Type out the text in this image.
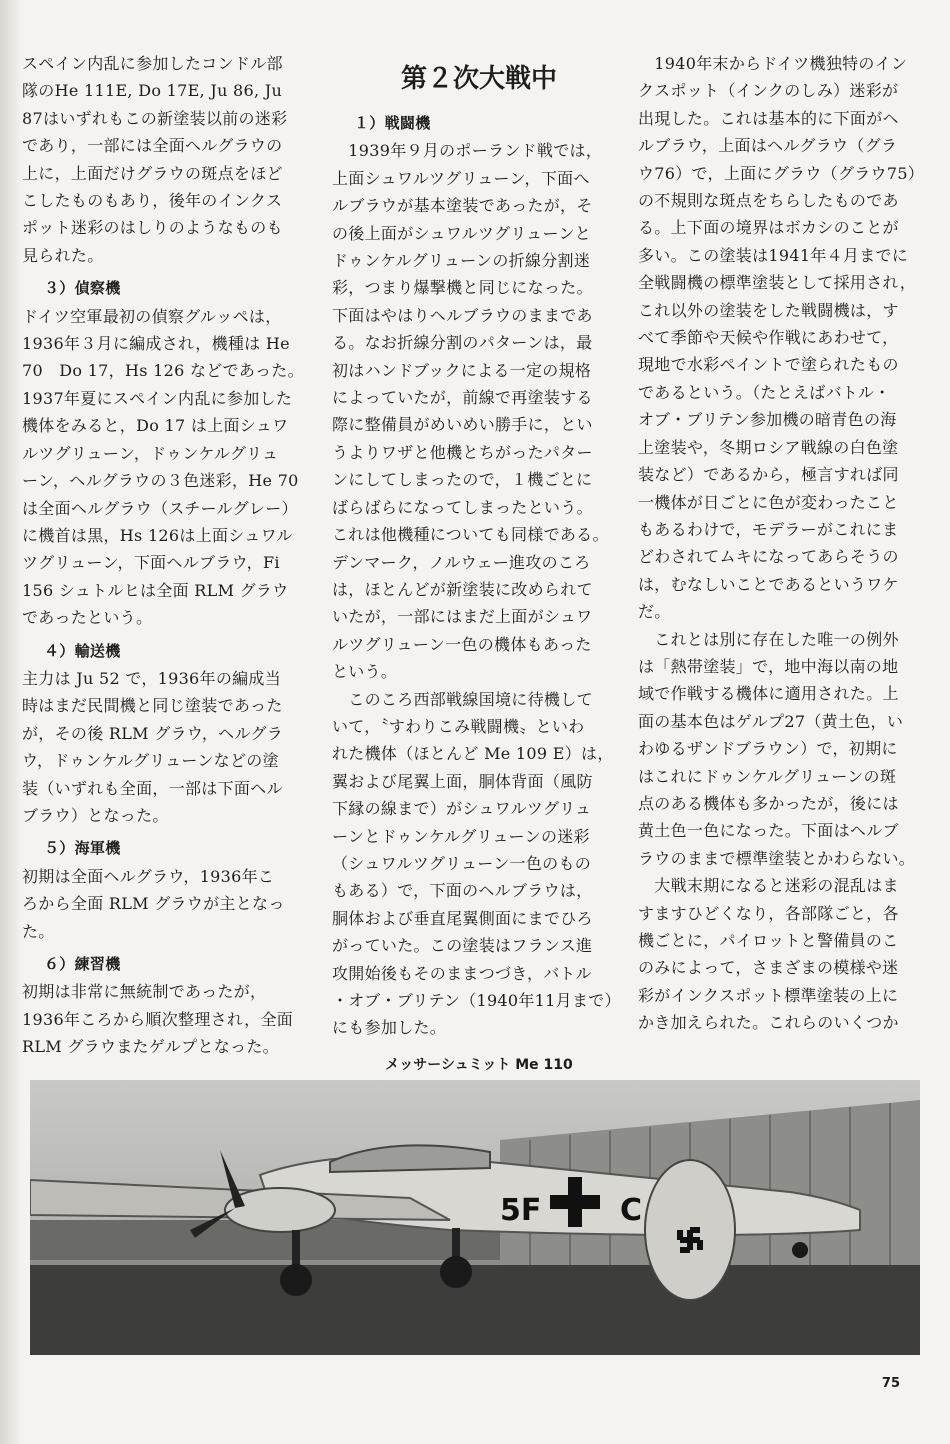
スペイン内乱に参加したコンドル部

隊のHe 111E, Do 17E, Ju 86, Ju

87はいずれもこの新塗装以前の迷彩

であり，一部には全面ヘルグラウの

上に，上面だけグラウの斑点をほど

こしたものもあり，後年のインクス

ポット迷彩のはしりのようなものも

見られた。

３）偵察機

ドイツ空軍最初の偵察グルッペは，

1936年３月に編成され，機種は He

70　Do 17，Hs 126 などであった。

1937年夏にスペイン内乱に参加した

機体をみると，Do 17 は上面シュワ

ルツグリューン，ドゥンケルグリュ

ーン，ヘルグラウの３色迷彩，He 70

は全面ヘルグラウ（スチールグレー）

に機首は黒，Hs 126は上面シュワル

ツグリューン，下面ヘルブラウ，Fi

156 シュトルヒは全面 RLM グラウ

であったという。

４）輸送機

主力は Ju 52 で，1936年の編成当

時はまだ民間機と同じ塗装であった

が，その後 RLM グラウ，ヘルグラ

ウ，ドゥンケルグリューンなどの塗

装（いずれも全面，一部は下面ヘル

ブラウ）となった。

５）海軍機

初期は全面ヘルグラウ，1936年こ

ろから全面 RLM グラウが主となっ

た。

６）練習機

初期は非常に無統制であったが，

1936年ころから順次整理され，全面

RLM グラウまたゲルプとなった。

第２次大戦中

１）戦闘機

　1939年９月のポーランド戦では，

上面シュワルツグリューン，下面へ

ルブラウが基本塗装であったが，そ

の後上面がシュワルツグリューンと

ドゥンケルグリューンの折線分割迷

彩，つまり爆撃機と同じになった。

下面はやはりヘルブラウのままであ

る。なお折線分割のパターンは，最

初はハンドブックによる一定の規格

によっていたが，前線で再塗装する

際に整備員がめいめい勝手に，とい

うよりワザと他機とちがったパター

ンにしてしまったので，１機ごとに

ばらばらになってしまったという。

これは他機種についても同様である。

デンマーク，ノルウェー進攻のころ

は，ほとんどが新塗装に改められて

いたが，一部にはまだ上面がシュワ

ルツグリューン一色の機体もあった

という。

　このころ西部戦線国境に待機して

いて，〝すわりこみ戦闘機〟といわ

れた機体（ほとんど Me 109 E）は，

翼および尾翼上面，胴体背面（風防

下縁の線まで）がシュワルツグリュ

ーンとドゥンケルグリューンの迷彩

（シュワルツグリューン一色のもの

もある）で，下面のヘルブラウは，

胴体および垂直尾翼側面にまでひろ

がっていた。この塗装はフランス進

攻開始後もそのままつづき，バトル

・オブ・ブリテン（1940年11月まで）

にも参加した。

　1940年末からドイツ機独特のイン

クスポット（インクのしみ）迷彩が

出現した。これは基本的に下面がヘ

ルブラウ，上面はヘルグラウ（グラ

ウ76）で，上面にグラウ（グラウ75）

の不規則な斑点をちらしたものであ

る。上下面の境界はボカシのことが

多い。この塗装は1941年４月までに

全戦闘機の標準塗装として採用され，

これ以外の塗装をした戦闘機は，す

べて季節や天候や作戦にあわせて，

現地で水彩ペイントで塗られたもの

であるという。（たとえばバトル・

オブ・ブリテン参加機の暗青色の海

上塗装や，冬期ロシア戦線の白色塗

装など）であるから，極言すれば同

一機体が日ごとに色が変わったこと

もあるわけで，モデラーがこれにま

どわされてムキになってあらそうの

は，むなしいことであるというワケ

だ。

　これとは別に存在した唯一の例外

は「熱帯塗装」で，地中海以南の地

域で作戦する機体に適用された。上

面の基本色はゲルプ27（黄土色，い

わゆるザンドブラウン）で，初期に

はこれにドゥンケルグリューンの斑

点のある機体も多かったが，後には

黄土色一色になった。下面はヘルブ

ラウのままで標準塗装とかわらない。

　大戦末期になると迷彩の混乱はま

すますひどくなり，各部隊ごと，各

機ごとに，パイロットと警備員のこ

のみによって，さまざまの模様や迷

彩がインクスポット標準塗装の上に

かき加えられた。これらのいくつか

メッサーシュミット Me 110
5F	C
75
